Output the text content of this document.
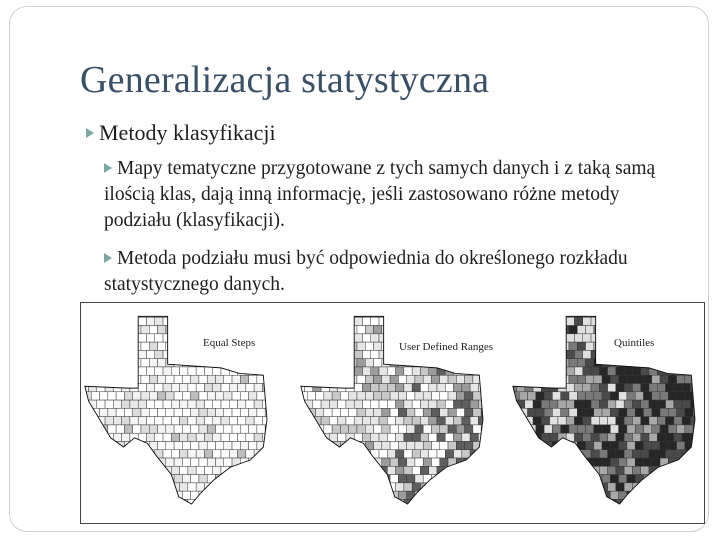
Generalizacja statystyczna
Metody klasyfikacji
Mapy tematyczne przygotowane z tych samych danych i z taką samą ilością klas, dają inną informację, jeśli zastosowano różne metody podziału (klasyfikacji).
Metoda podziału musi być odpowiednia do określonego rozkładu statystycznego danych.
Equal Steps	User Defined Ranges	Quintiles
